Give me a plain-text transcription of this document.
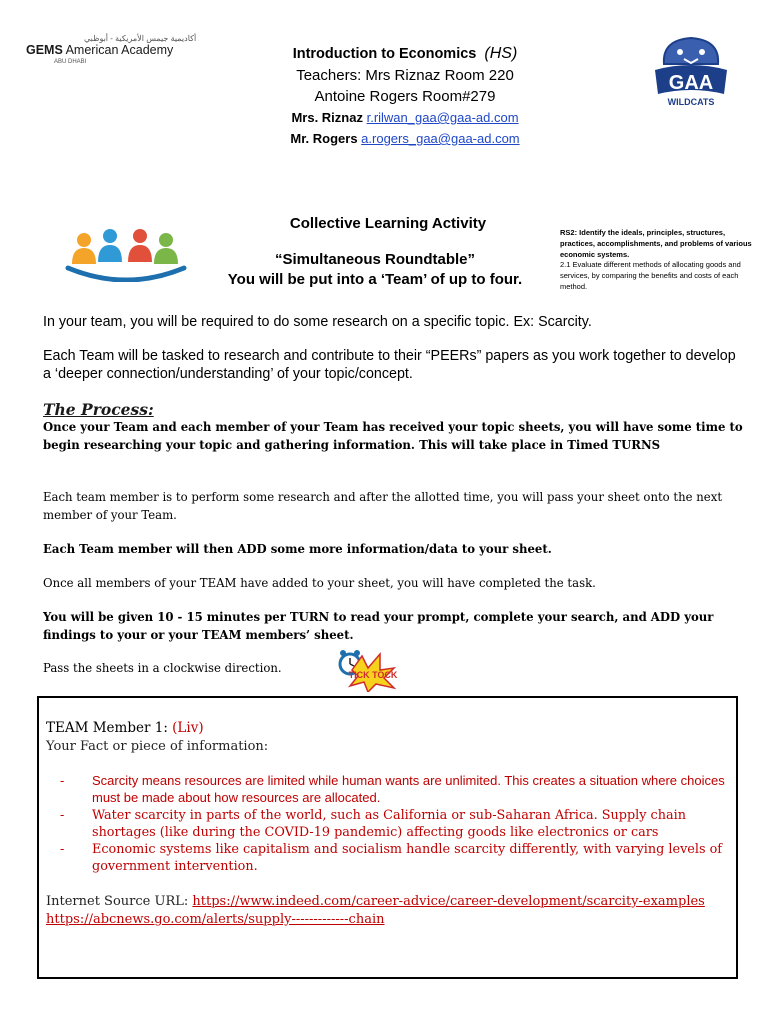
أكاديمية جيمس الأمريكية - أبوظبي
GEMS American Academy
ABU DHABI	Introduction to Economics (HS)
Teachers: Mrs Riznaz Room 220
Antoine Rogers Room#279
Mrs. Riznaz r.rilwan_gaa@gaa-ad.com
Mr. Rogers a.rogers_gaa@gaa-ad.com
GAA
WILDCATS
Collective Learning Activity
“Simultaneous Roundtable”
You will be put into a ‘Team’ of up to four.
RS2: Identify the ideals, principles, structures, practices, accomplishments, and problems of various economic systems.
2.1 Evaluate different methods of allocating goods and services, by comparing the benefits and costs of each method.
In your team, you will be required to do some research on a specific topic. Ex: Scarcity.
Each Team will be tasked to research and contribute to their “PEERs” papers as you work together to develop a ‘deeper connection/understanding’ of your topic/concept.
The Process:
Once your Team and each member of your Team has received your topic sheets, you will have some time to begin researching your topic and gathering information. This will take place in Timed TURNS
Each team member is to perform some research and after the allotted time, you will pass your sheet onto the next member of your Team.
Each Team member will then ADD some more information/data to your sheet.
Once all members of your TEAM have added to your sheet, you will have completed the task.
You will be given 10 - 15 minutes per TURN to read your prompt, complete your search, and ADD your findings to your or your TEAM members’ sheet.
Pass the sheets in a clockwise direction.	TICK TOCK
TEAM Member 1: (Liv)
Your Fact or piece of information:
- Scarcity means resources are limited while human wants are unlimited. This creates a situation where choices must be made about how resources are allocated.
- Water scarcity in parts of the world, such as California or sub-Saharan Africa. Supply chain shortages (like during the COVID-19 pandemic) affecting goods like electronics or cars
- Economic systems like capitalism and socialism handle scarcity differently, with varying levels of government intervention.
Internet Source URL: https://www.indeed.com/career-advice/career-development/scarcity-examples
https://abcnews.go.com/alerts/supply-------------chain
